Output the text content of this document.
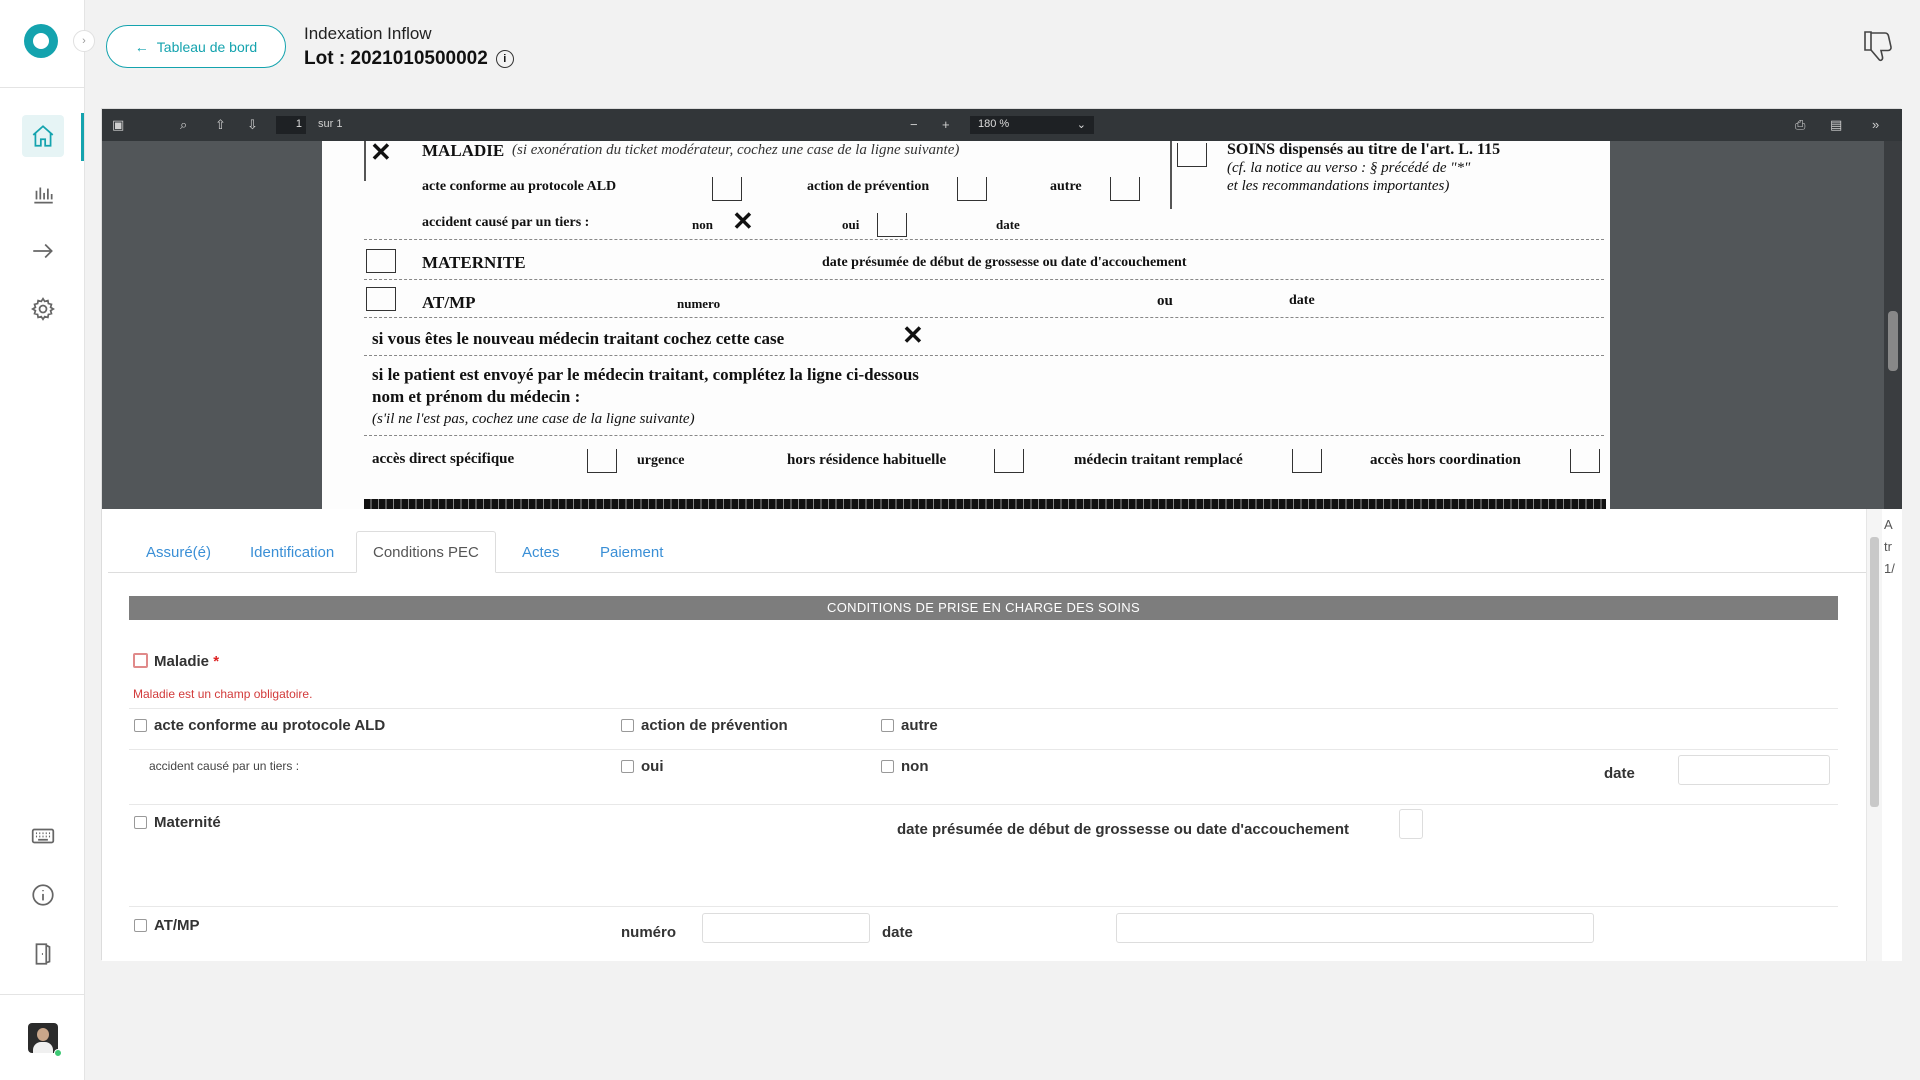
›	← Tableau de bord
Indexation Inflow
Lot : 2021010500002	i
▣	⌕ ⇧ ⇩	1	sur 1	− +	180 %	⌄	⎙ ▤ »
✕ MALADIE (si exonération du ticket modérateur, cochez une case de la ligne suivante)
acte conforme au protocole ALD	action de prévention	autre
accident causé par un tiers :	non ✕	oui	date
MATERNITE	date présumée de début de grossesse ou date d'accouchement
AT/MP	numero	ou	date
si vous êtes le nouveau médecin traitant cochez cette case	✕
si le patient est envoyé par le médecin traitant, complétez la ligne ci-dessous
nom et prénom du médecin :
(s'il ne l'est pas, cochez une case de la ligne suivante)
accès direct spécifique	urgence	hors résidence habituelle	médecin traitant remplacé	accès hors coordination
SOINS dispensés au titre de l'art. L. 115
(cf. la notice au verso : § précédé de "*"
et les recommandations importantes)
Assuré(é)	Identification	Conditions PEC	Actes	Paiement
CONDITIONS DE PRISE EN CHARGE DES SOINS
Maladie *
Maladie est un champ obligatoire.
acte conforme au protocole ALD	action de prévention	autre
accident causé par un tiers :	oui	non	date
Maternité	date présumée de début de grossesse ou date d'accouchement
AT/MP	numéro	date
A
tr
1/
